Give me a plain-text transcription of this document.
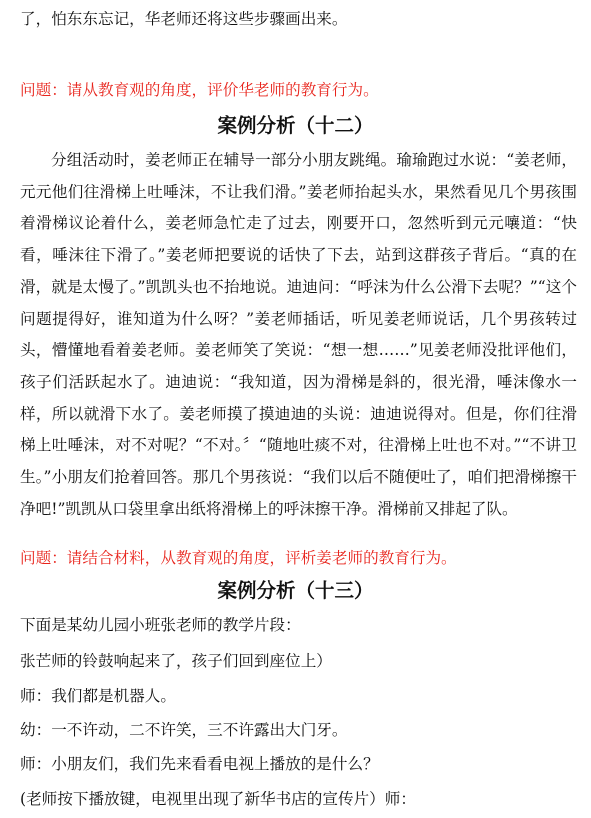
了，怕东东忘记，华老师还将这些步骤画出来。
问题：请从教育观的角度，评价华老师的教育行为。
案例分析（十二）
分组活动时，姜老师正在辅导一部分小朋友跳绳。瑜瑜跑过水说：“姜老师，元元他们往滑梯上吐唾沫，不让我们滑。”姜老师抬起头水，果然看见几个男孩围着滑梯议论着什么，姜老师急忙走了过去，刚要开口，忽然听到元元嚷道：“快看，唾沫往下滑了。”姜老师把要说的话快了下去，站到这群孩子背后。“真的在滑，就是太慢了。”凯凯头也不抬地说。迪迪问：“呼沫为什么公滑下去呢？”“这个问题提得好，谁知道为什么呀？”姜老师插话，听见姜老师说话，几个男孩转过头，懵懂地看着姜老师。姜老师笑了笑说：“想一想……”见姜老师没批评他们，孩子们活跃起水了。迪迪说：“我知道，因为滑梯是斜的，很光滑，唾沫像水一样，所以就滑下水了。姜老师摸了摸迪迪的头说：迪迪说得对。但是，你们往滑梯上吐唾沫，对不对呢？“不对。〞“随地吐痰不对，往滑梯上吐也不对。”“不讲卫生。”小朋友们抢着回答。那几个男孩说：“我们以后不随便吐了，咱们把滑梯擦干净吧!”凯凯从口袋里拿出纸将滑梯上的呼沫擦干净。滑梯前又排起了队。
问题：请结合材料，从教育观的角度，评析姜老师的教育行为。
案例分析（十三）
下面是某幼儿园小班张老师的教学片段：
张芒师的铃鼓响起来了，孩子们回到座位上）
师：我们都是机器人。
幼：一不许动，二不许笑，三不许露出大门牙。
师：小朋友们，我们先来看看电视上播放的是什么？
(老师按下播放键，电视里出现了新华书店的宣传片）师：
